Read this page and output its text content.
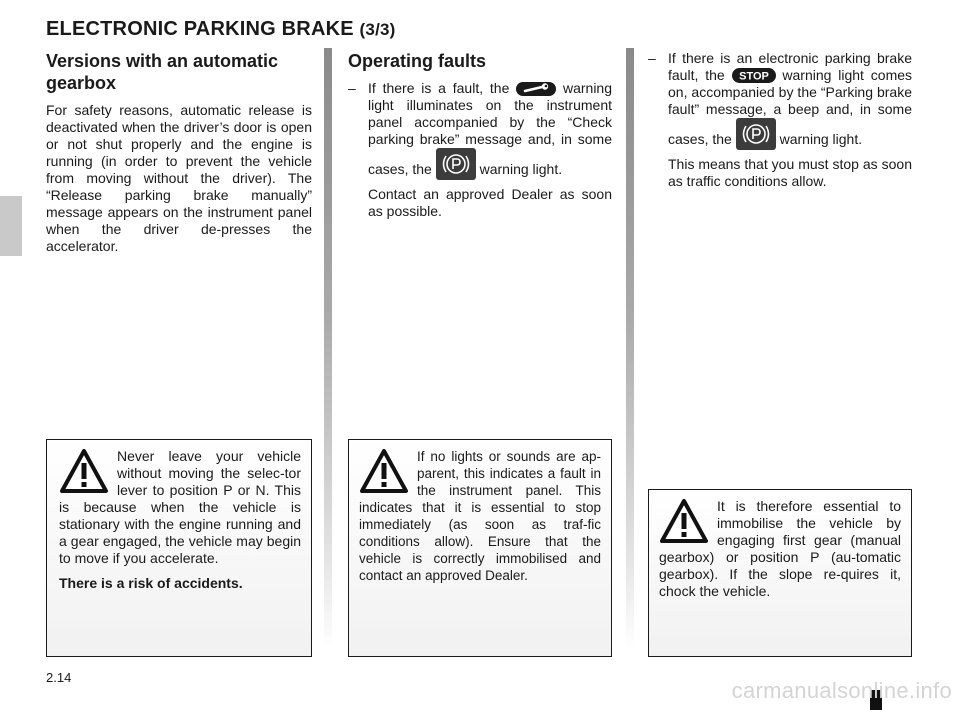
ELECTRONIC PARKING BRAKE (3/3)
Versions with an automatic gearbox
For safety reasons, automatic release is deactivated when the driver’s door is open or not shut properly and the engine is running (in order to prevent the vehicle from moving without the driver). The “Release parking brake manually” message appears on the instrument panel when the driver de-presses the accelerator.
Never leave your vehicle without moving the selec-tor lever to position P or N. This is because when the vehicle is stationary with the engine running and a gear engaged, the vehicle may begin to move if you accelerate.
There is a risk of accidents.
Operating faults
– If there is a fault, the	warning light illuminates on the instrument panel accompanied by the “Check parking brake” message and, in some cases, the	warning light.
Contact an approved Dealer as soon as possible.
If no lights or sounds are ap-parent, this indicates a fault in the instrument panel. This indicates that it is essential to stop immediately (as soon as traf-fic conditions allow). Ensure that the vehicle is correctly immobilised and contact an approved Dealer.
– If there is an electronic parking brake fault, the STOP warning light comes on, accompanied by the “Parking brake fault” message, a beep and, in some cases, the	warning light.
This means that you must stop as soon as traffic conditions allow.
It is therefore essential to immobilise the vehicle by engaging first gear (manual gearbox) or position P (au-tomatic gearbox). If the slope re-quires it, chock the vehicle.
2.14
carmanualsonline.info
